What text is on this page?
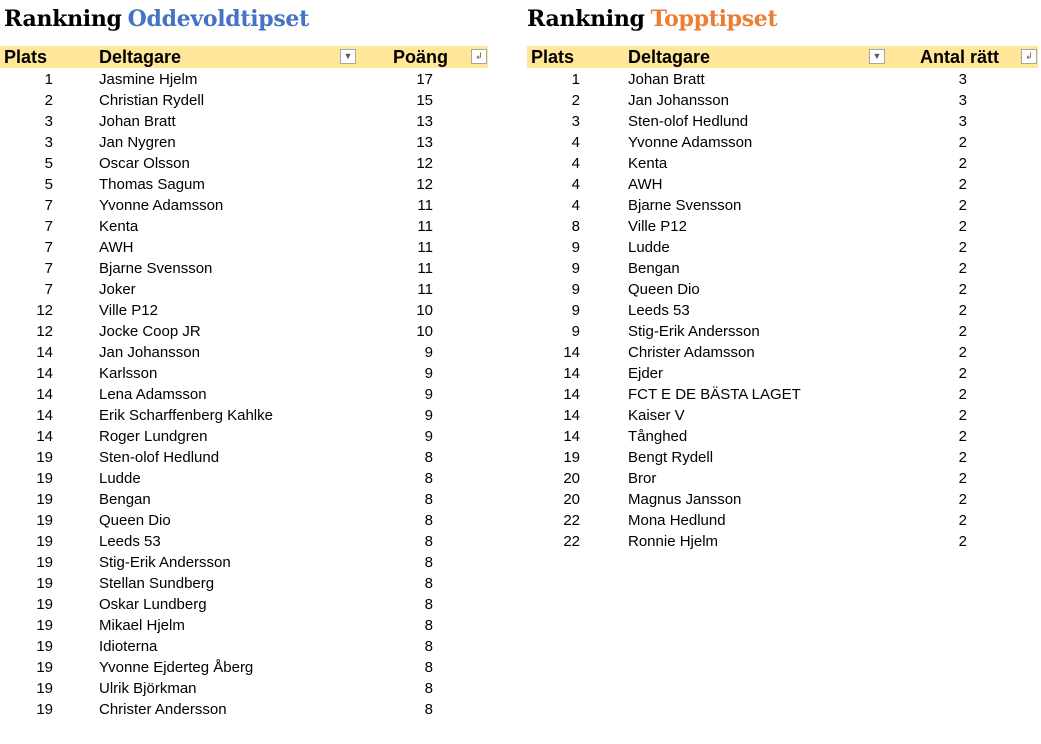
Rankning Oddevoldtipset
Plats	Deltagare	▼ Poäng	↲
1	Jasmine Hjelm	17
2	Christian Rydell	15
3	Johan Bratt	13
3	Jan Nygren	13
5	Oscar Olsson	12
5	Thomas Sagum	12
7	Yvonne Adamsson	11
7	Kenta	11
7	AWH	11
7	Bjarne Svensson	11
7	Joker	11
12	Ville P12	10
12	Jocke Coop JR	10
14	Jan Johansson	9
14	Karlsson	9
14	Lena Adamsson	9
14	Erik Scharffenberg Kahlke	9
14	Roger Lundgren	9
19	Sten-olof Hedlund	8
19	Ludde	8
19	Bengan	8
19	Queen Dio	8
19	Leeds 53	8
19	Stig-Erik Andersson	8
19	Stellan Sundberg	8
19	Oskar Lundberg	8
19	Mikael Hjelm	8
19	Idioterna	8
19	Yvonne Ejderteg Åberg	8
19	Ulrik Björkman	8
19	Christer Andersson	8
Rankning Topptipset
Plats	Deltagare	▼ Antal rätt	↲
1	Johan Bratt	3
2	Jan Johansson	3
3	Sten-olof Hedlund	3
4	Yvonne Adamsson	2
4	Kenta	2
4	AWH	2
4	Bjarne Svensson	2
8	Ville P12	2
9	Ludde	2
9	Bengan	2
9	Queen Dio	2
9	Leeds 53	2
9	Stig-Erik Andersson	2
14	Christer Adamsson	2
14	Ejder	2
14	FCT E DE BÄSTA LAGET	2
14	Kaiser V	2
14	Tånghed	2
19	Bengt Rydell	2
20	Bror	2
20	Magnus Jansson	2
22	Mona Hedlund	2
22	Ronnie Hjelm	2
